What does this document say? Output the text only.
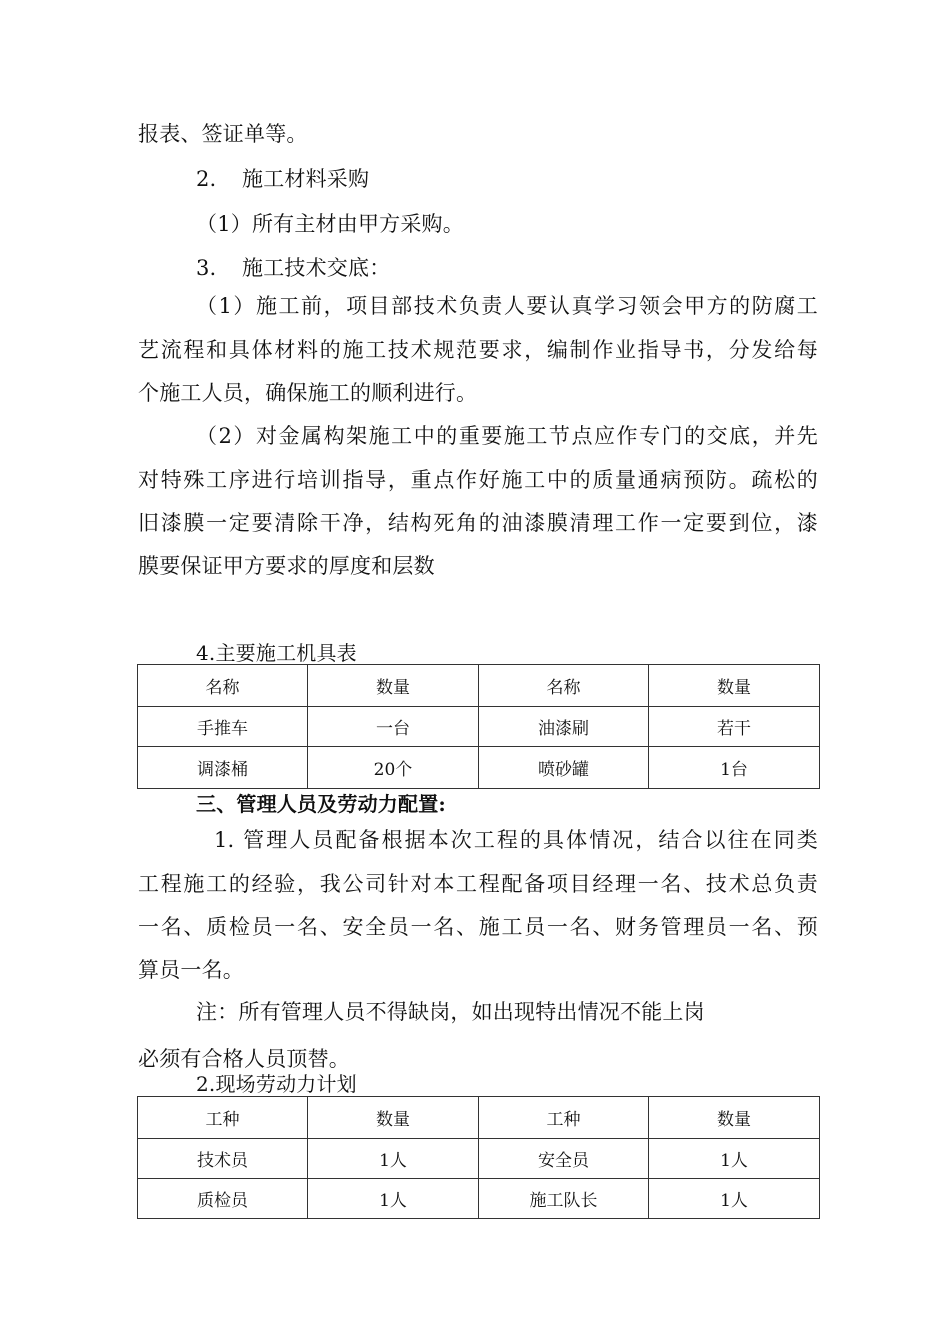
报表、签证单等。
2. 施工材料采购
（1）所有主材由甲方采购。
3. 施工技术交底：
（1）施工前，项目部技术负责人要认真学习领会甲方的防腐工
艺流程和具体材料的施工技术规范要求，编制作业指导书，分发给每
个施工人员，确保施工的顺利进行。
（2）对金属构架施工中的重要施工节点应作专门的交底，并先
对特殊工序进行培训指导，重点作好施工中的质量通病预防。疏松的
旧漆膜一定要清除干净，结构死角的油漆膜清理工作一定要到位，漆
膜要保证甲方要求的厚度和层数
4.主要施工机具表
名称	数量	名称	数量
手推车	一台	油漆刷	若干
调漆桶	20个	喷砂罐	1台
三、管理人员及劳动力配置:
1. 管理人员配备根据本次工程的具体情况，结合以往在同类
工程施工的经验，我公司针对本工程配备项目经理一名、技术总负责
一名、质检员一名、安全员一名、施工员一名、财务管理员一名、预
算员一名。
注：所有管理人员不得缺岗，如出现特出情况不能上岗
必须有合格人员顶替。
2.现场劳动力计划
工种	数量	工种	数量
技术员	1人	安全员	1人
质检员	1人	施工队长	1人
